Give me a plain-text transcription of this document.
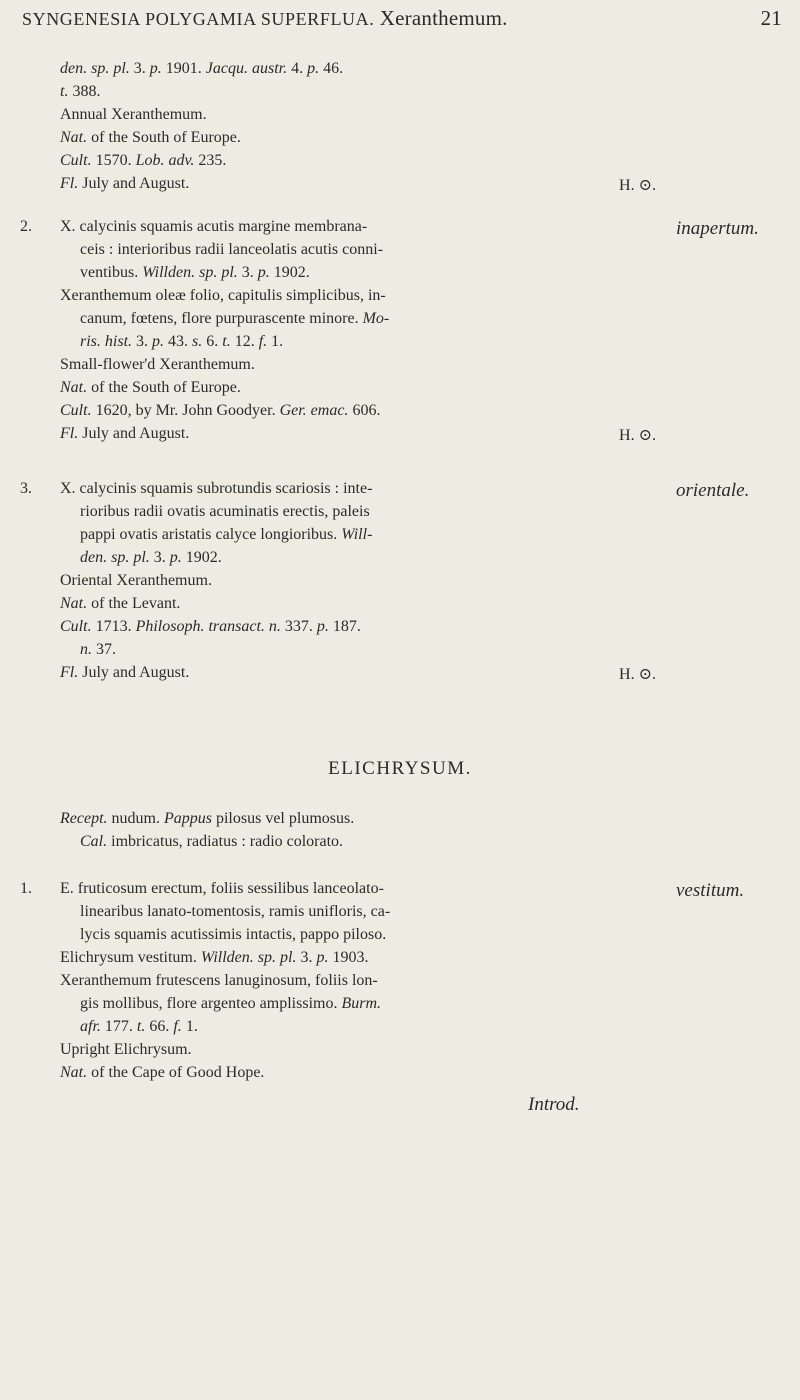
SYNGENESIA POLYGAMIA SUPERFLUA. Xeranthemum.	21
den. sp. pl. 3. p. 1901. Jacqu. austr. 4. p. 46.
t. 388.
Annual Xeranthemum.
Nat. of the South of Europe.
Cult. 1570. Lob. adv. 235.
Fl. July and August.	H. ⊙.
2.	inapertum.
X. calycinis squamis acutis margine membrana-
ceis : interioribus radii lanceolatis acutis conni-
ventibus. Willden. sp. pl. 3. p. 1902.
Xeranthemum oleæ folio, capitulis simplicibus, in-
canum, fœtens, flore purpurascente minore. Mo-
ris. hist. 3. p. 43. s. 6. t. 12. f. 1.
Small-flower'd Xeranthemum.
Nat. of the South of Europe.
Cult. 1620, by Mr. John Goodyer. Ger. emac. 606.
Fl. July and August.	H. ⊙.
3.	orientale.
X. calycinis squamis subrotundis scariosis : inte-
rioribus radii ovatis acuminatis erectis, paleis
pappi ovatis aristatis calyce longioribus. Will-
den. sp. pl. 3. p. 1902.
Oriental Xeranthemum.
Nat. of the Levant.
Cult. 1713. Philosoph. transact. n. 337. p. 187.
n. 37.
Fl. July and August.	H. ⊙.
ELICHRYSUM.
Recept. nudum. Pappus pilosus vel plumosus.
Cal. imbricatus, radiatus : radio colorato.
1.	vestitum.
E. fruticosum erectum, foliis sessilibus lanceolato-
linearibus lanato-tomentosis, ramis unifloris, ca-
lycis squamis acutissimis intactis, pappo piloso.
Elichrysum vestitum. Willden. sp. pl. 3. p. 1903.
Xeranthemum frutescens lanuginosum, foliis lon-
gis mollibus, flore argenteo amplissimo. Burm.
afr. 177. t. 66. f. 1.
Upright Elichrysum.
Nat. of the Cape of Good Hope.
Introd.
